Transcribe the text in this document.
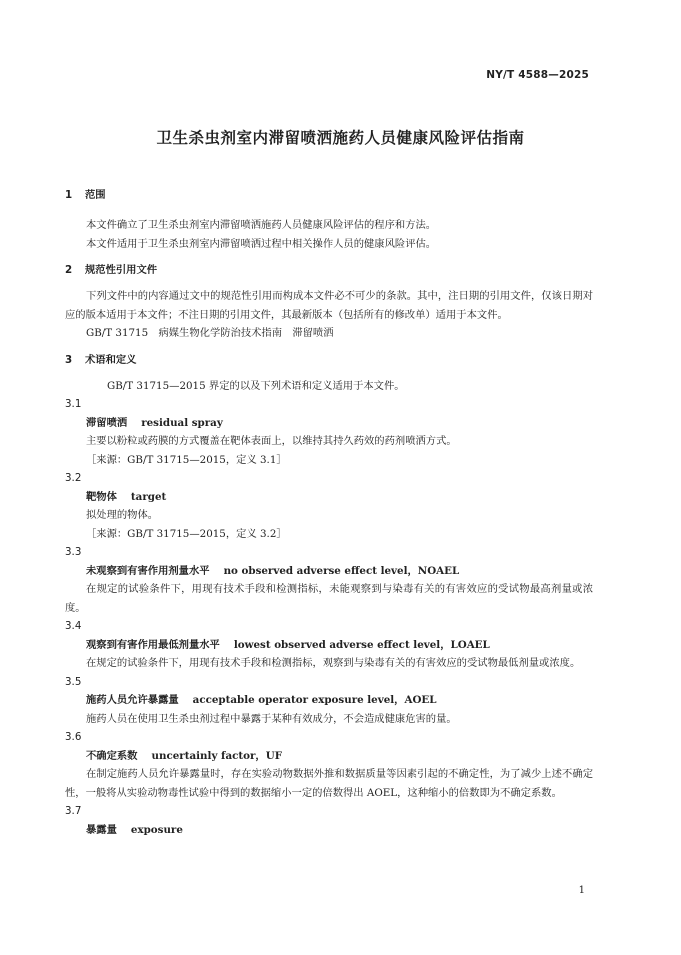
NY/T 4588—2025
卫生杀虫剂室内滞留喷洒施药人员健康风险评估指南
1 范围

本文件确立了卫生杀虫剂室内滞留喷洒施药人员健康风险评估的程序和方法。

本文件适用于卫生杀虫剂室内滞留喷洒过程中相关操作人员的健康风险评估。

2 规范性引用文件

下列文件中的内容通过文中的规范性引用而构成本文件必不可少的条款。其中，注日期的引用文件，仅该日期对应的版本适用于本文件；不注日期的引用文件，其最新版本（包括所有的修改单）适用于本文件。

GB/T 31715　病媒生物化学防治技术指南　滞留喷洒

3 术语和定义

GB/T 31715—2015 界定的以及下列术语和定义适用于本文件。

3.1

滞留喷洒 residual spray

主要以粉粒或药膜的方式覆盖在靶体表面上，以维持其持久药效的药剂喷洒方式。

［来源：GB/T 31715—2015，定义 3.1］

3.2

靶物体 target

拟处理的物体。

［来源：GB/T 31715—2015，定义 3.2］

3.3

未观察到有害作用剂量水平 no observed adverse effect level，NOAEL

在规定的试验条件下，用现有技术手段和检测指标，未能观察到与染毒有关的有害效应的受试物最高剂量或浓度。

3.4

观察到有害作用最低剂量水平 lowest observed adverse effect level，LOAEL

在规定的试验条件下，用现有技术手段和检测指标，观察到与染毒有关的有害效应的受试物最低剂量或浓度。

3.5

施药人员允许暴露量 acceptable operator exposure level，AOEL

施药人员在使用卫生杀虫剂过程中暴露于某种有效成分，不会造成健康危害的量。

3.6

不确定系数 uncertainly factor，UF

在制定施药人员允许暴露量时，存在实验动物数据外推和数据质量等因素引起的不确定性，为了减少上述不确定性，一般将从实验动物毒性试验中得到的数据缩小一定的倍数得出 AOEL，这种缩小的倍数即为不确定系数。

3.7

暴露量 exposure

1
